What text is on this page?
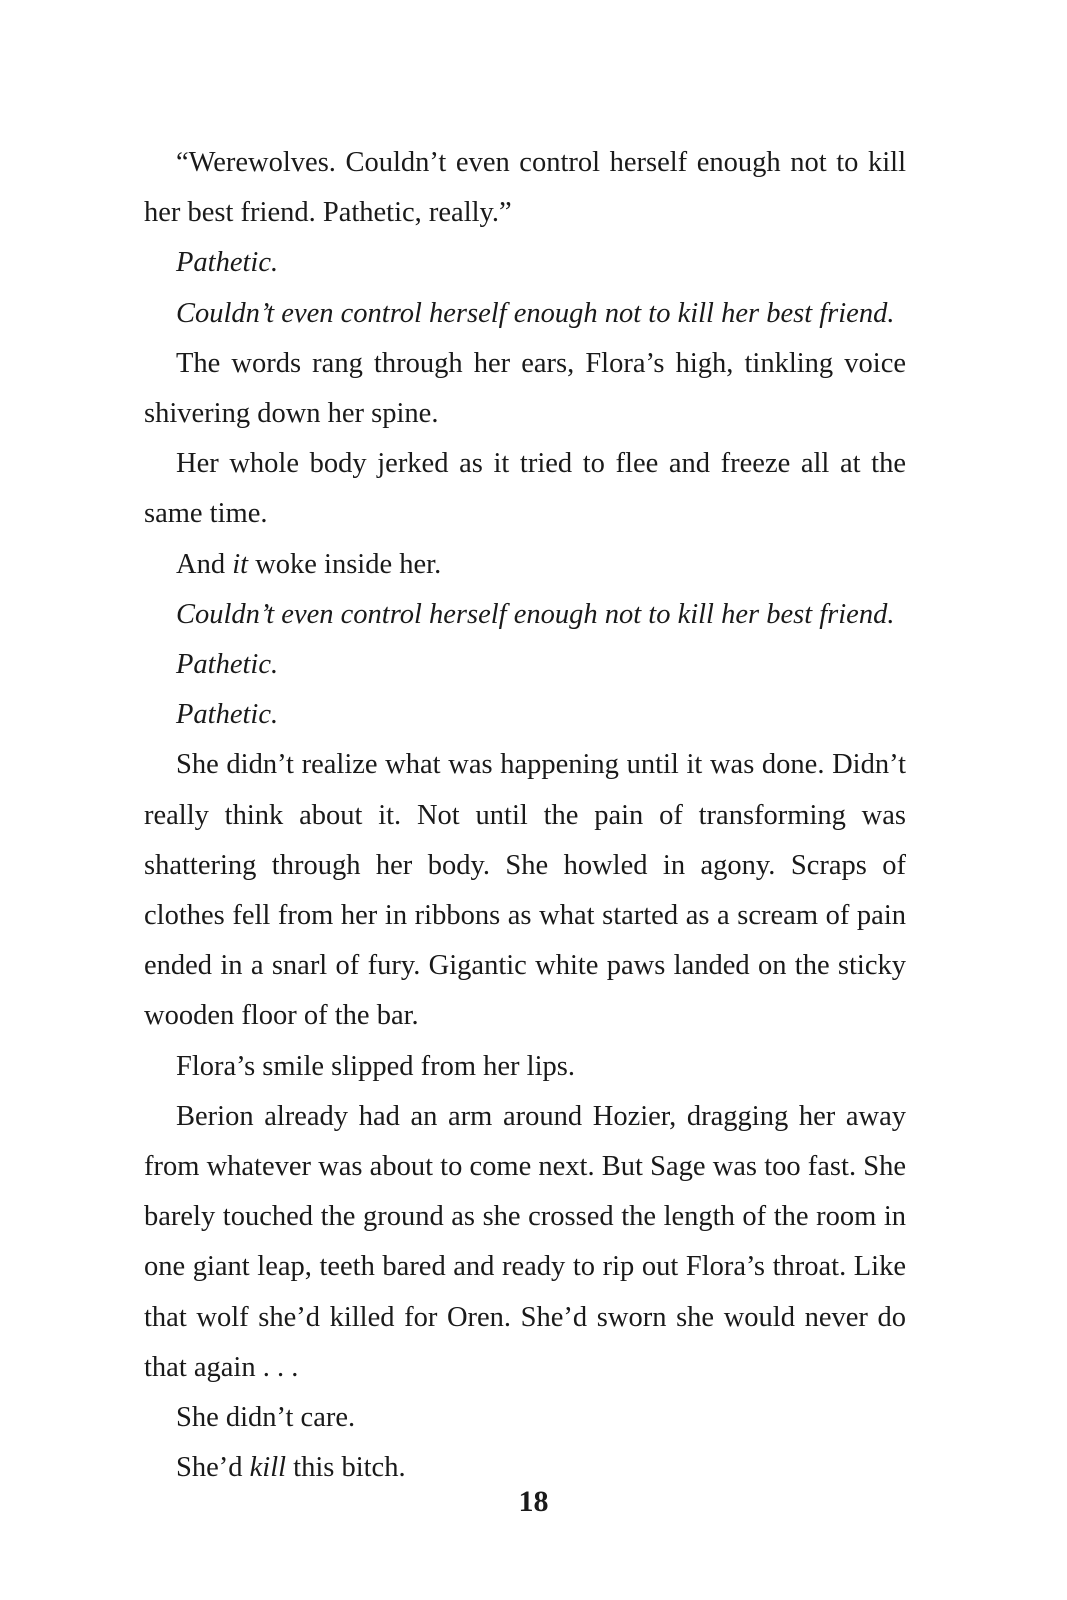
“Werewolves. Couldn’t even control herself enough not to kill her best friend. Pathetic, really.”

Pathetic.

Couldn’t even control herself enough not to kill her best friend.

The words rang through her ears, Flora’s high, tinkling voice shivering down her spine.

Her whole body jerked as it tried to flee and freeze all at the same time.

And it woke inside her.

Couldn’t even control herself enough not to kill her best friend.

Pathetic.

Pathetic.

She didn’t realize what was happening until it was done. Didn’t really think about it. Not until the pain of transforming was shattering through her body. She howled in agony. Scraps of clothes fell from her in ribbons as what started as a scream of pain ended in a snarl of fury. Gigantic white paws landed on the sticky wooden floor of the bar.

Flora’s smile slipped from her lips.

Berion already had an arm around Hozier, dragging her away from whatever was about to come next. But Sage was too fast. She barely touched the ground as she crossed the length of the room in one giant leap, teeth bared and ready to rip out Flora’s throat. Like that wolf she’d killed for Oren. She’d sworn she would never do that again . . .

She didn’t care.

She’d kill this bitch.

18
